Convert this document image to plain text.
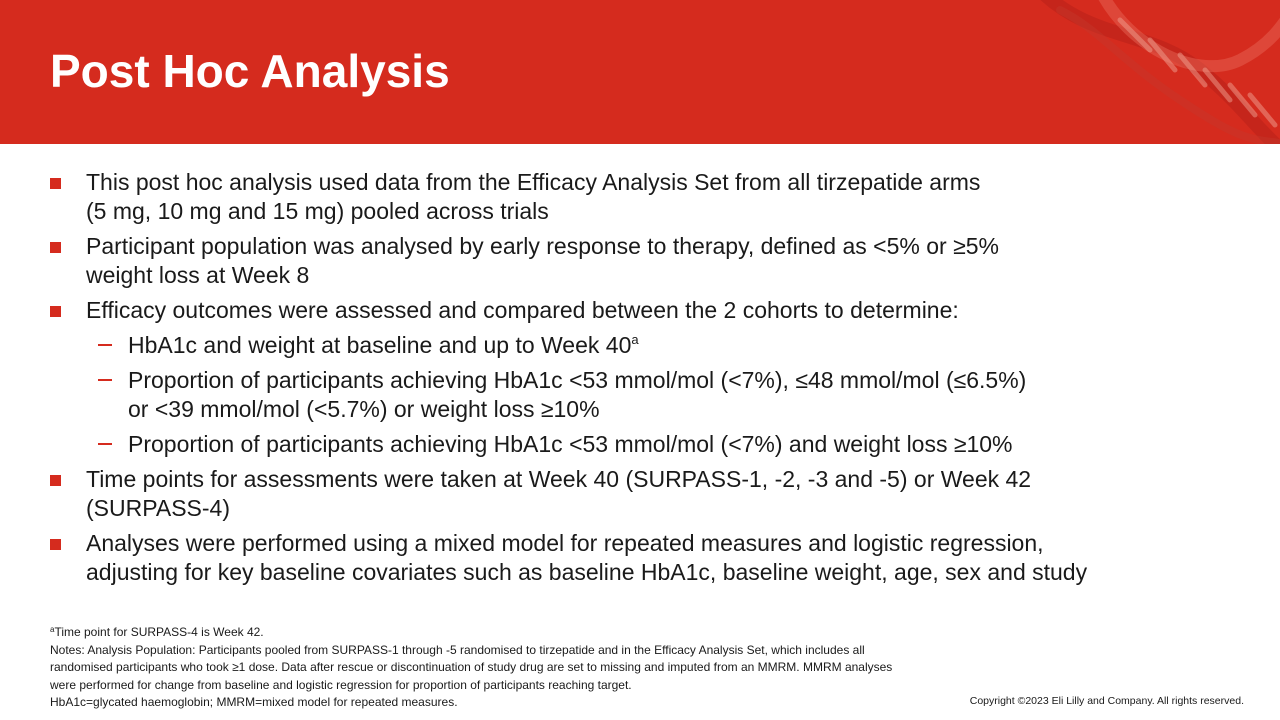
Post Hoc Analysis
This post hoc analysis used data from the Efficacy Analysis Set from all tirzepatide arms
(5 mg, 10 mg and 15 mg) pooled across trials
Participant population was analysed by early response to therapy, defined as <5% or ≥5%
weight loss at Week 8
Efficacy outcomes were assessed and compared between the 2 cohorts to determine:
HbA1c and weight at baseline and up to Week 40$^a$
Proportion of participants achieving HbA1c <53 mmol/mol (<7%), ≤48 mmol/mol (≤6.5%)
or <39 mmol/mol (<5.7%) or weight loss ≥10%
Proportion of participants achieving HbA1c <53 mmol/mol (<7%) and weight loss ≥10%
Time points for assessments were taken at Week 40 (SURPASS-1, -2, -3 and -5) or Week 42
(SURPASS-4)
Analyses were performed using a mixed model for repeated measures and logistic regression,
adjusting for key baseline covariates such as baseline HbA1c, baseline weight, age, sex and study
$^a$Time point for SURPASS-4 is Week 42.
Notes: Analysis Population: Participants pooled from SURPASS-1 through -5 randomised to tirzepatide and in the Efficacy Analysis Set, which includes all
randomised participants who took ≥1 dose. Data after rescue or discontinuation of study drug are set to missing and imputed from an MMRM. MMRM analyses
were performed for change from baseline and logistic regression for proportion of participants reaching target.
HbA1c=glycated haemoglobin; MMRM=mixed model for repeated measures.	Copyright ©2023 Eli Lilly and Company. All rights reserved.
